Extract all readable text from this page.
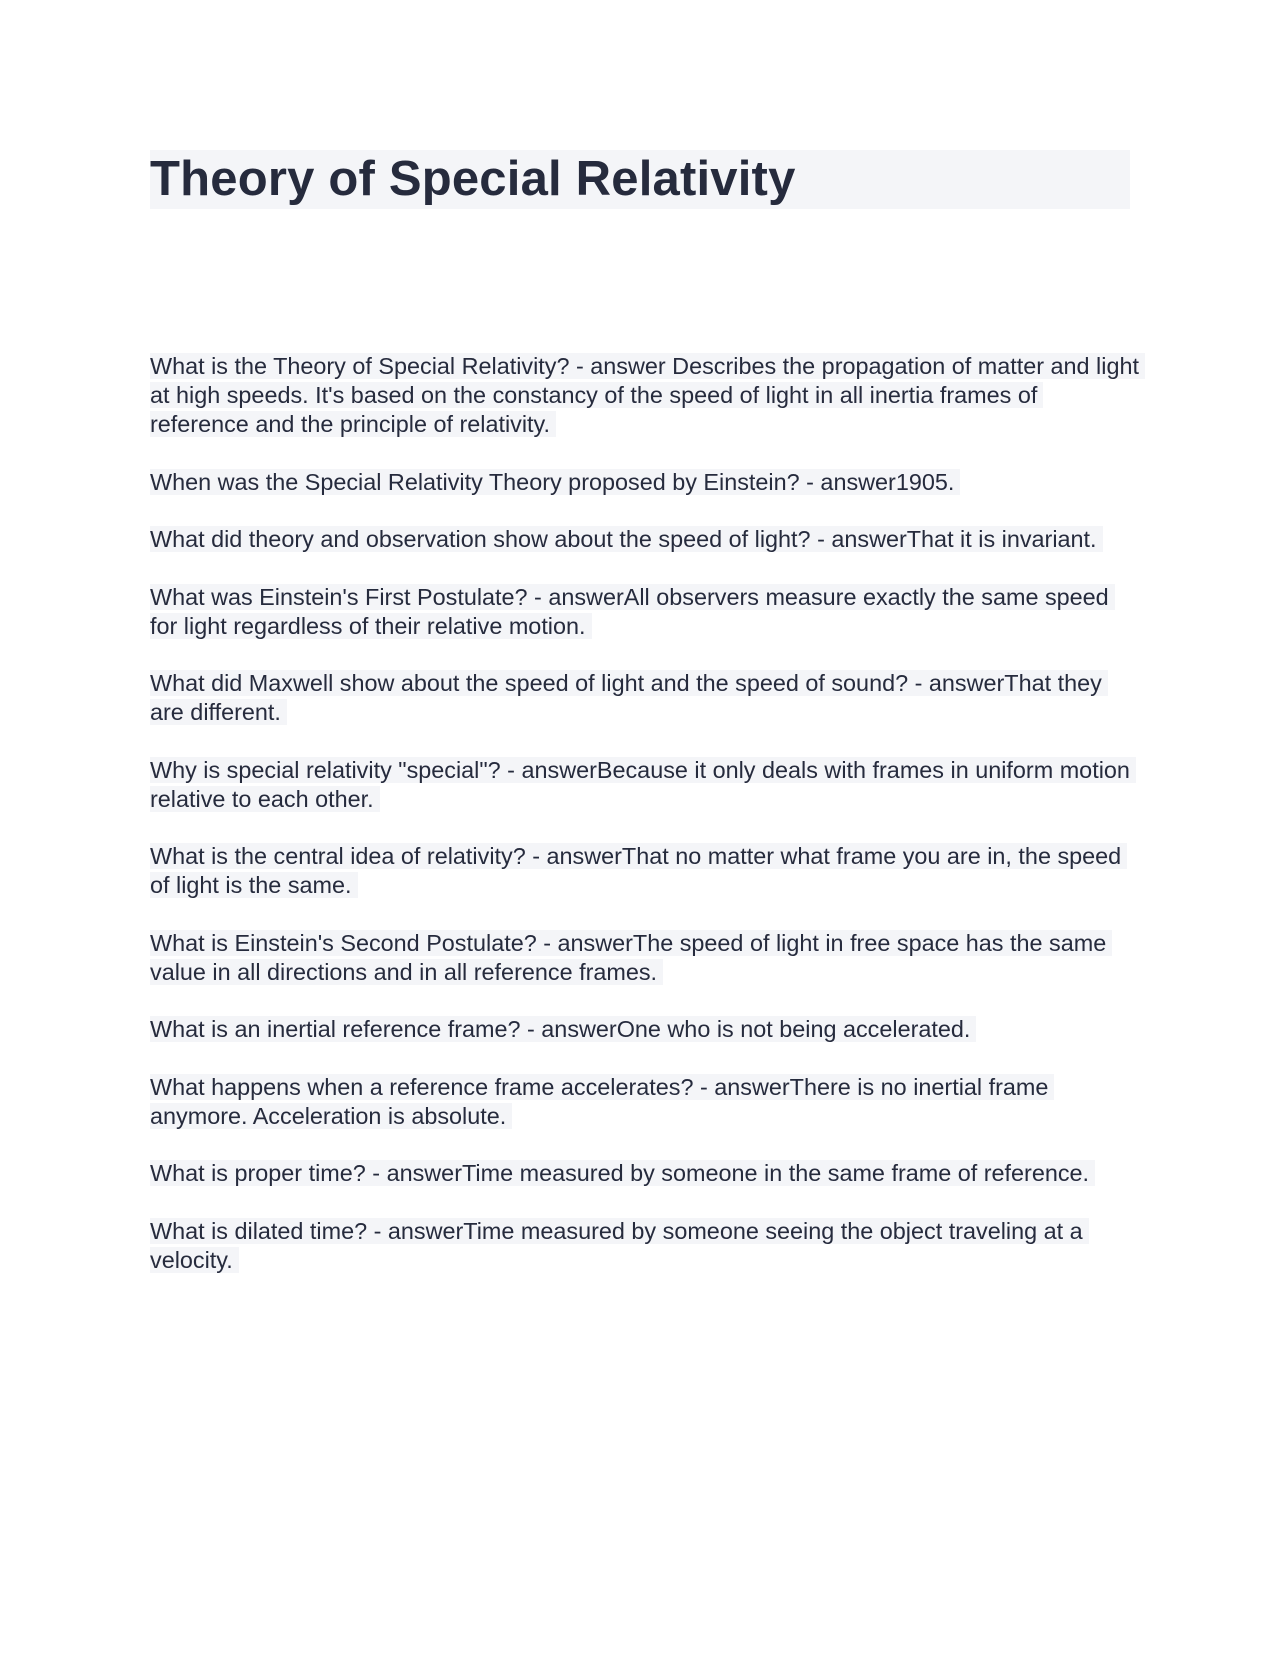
Theory of Special Relativity

What is the Theory of Special Relativity? - answer Describes the propagation of matter and light at high speeds. It's based on the constancy of the speed of light in all inertia frames of reference and the principle of relativity.

When was the Special Relativity Theory proposed by Einstein? - answer1905.

What did theory and observation show about the speed of light? - answerThat it is invariant.

What was Einstein's First Postulate? - answerAll observers measure exactly the same speed for light regardless of their relative motion.

What did Maxwell show about the speed of light and the speed of sound? - answerThat they are different.

Why is special relativity "special"? - answerBecause it only deals with frames in uniform motion relative to each other.

What is the central idea of relativity? - answerThat no matter what frame you are in, the speed of light is the same.

What is Einstein's Second Postulate? - answerThe speed of light in free space has the same value in all directions and in all reference frames.

What is an inertial reference frame? - answerOne who is not being accelerated.

What happens when a reference frame accelerates? - answerThere is no inertial frame anymore. Acceleration is absolute.

What is proper time? - answerTime measured by someone in the same frame of reference.

What is dilated time? - answerTime measured by someone seeing the object traveling at a velocity.
